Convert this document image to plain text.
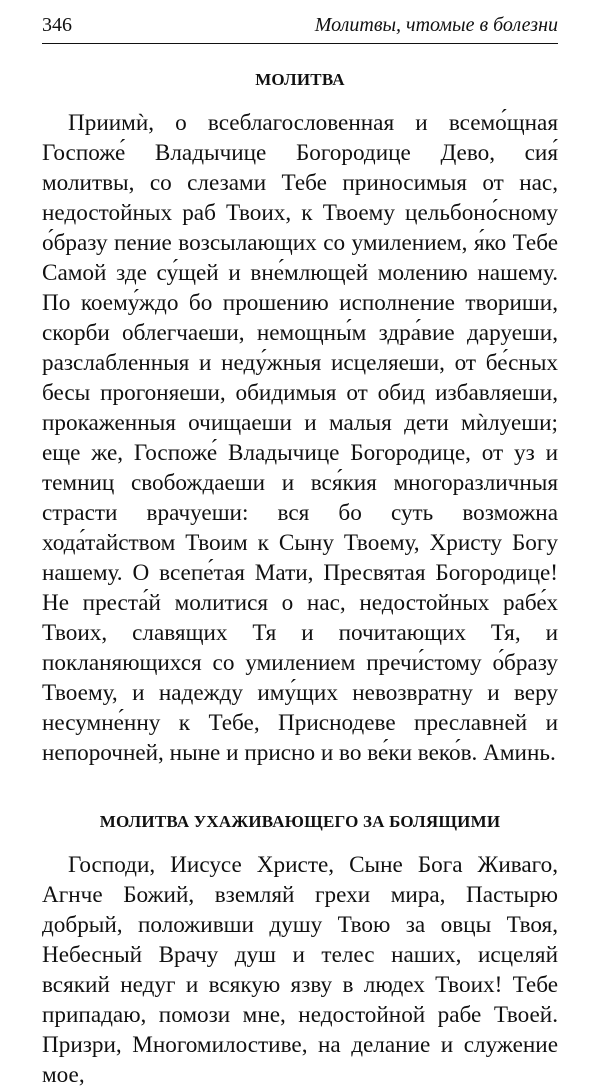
346	Молитвы, чтомые в болезни
МОЛИТВА

Приимѝ, о всеблагословенная и всемо́щная Госпоже́ Владычице Богородице Дево, сия́ молитвы, со слезами Тебе приносимыя от нас, недостойных раб Твоих, к Твоему цельбоно́сному о́бразу пение возсылающих со умилением, я́ко Тебе Самой зде су́щей и вне́млющей молению нашему. По коему́ждо бо прошению исполнение твориши, скорби облегчаеши, немощны́м здра́вие даруеши, разслабленныя и неду́жныя исцеляеши, от бе́сных бесы прогоняеши, обидимыя от обид избавляеши, прокаженныя очищаеши и малыя дети мѝлуеши; еще же, Госпоже́ Владычице Богородице, от уз и темниц свобождаеши и вся́кия многоразличныя страсти врачуеши: вся бо суть возможна хода́тайством Твоим к Сыну Твоему, Христу Богу нашему. О всепе́тая Мати, Пресвятая Богородице! Не преста́й молитися о нас, недостойных рабе́х Твоих, славящих Тя и почитающих Тя, и покланяющихся со умилением пречи́стому о́бразу Твоему, и надежду иму́щих невозвратну и веру несумне́нну к Тебе, Приснодеве преславней и непорочней, ныне и присно и во ве́ки веко́в. Аминь.

МОЛИТВА УХАЖИВАЮЩЕГО ЗА БОЛЯЩИМИ

Господи, Иисусе Христе, Сыне Бога Живаго, Агнче Божий, вземляй грехи мира, Пастырю добрый, положивши душу Твою за овцы Твоя, Небесный Врачу душ и телес наших, исцеляй всякий недуг и всякую язву в людех Твоих! Тебе припадаю, помози мне, недостойной рабе Твоей. Призри, Многомилостиве, на делание и служение мое,
